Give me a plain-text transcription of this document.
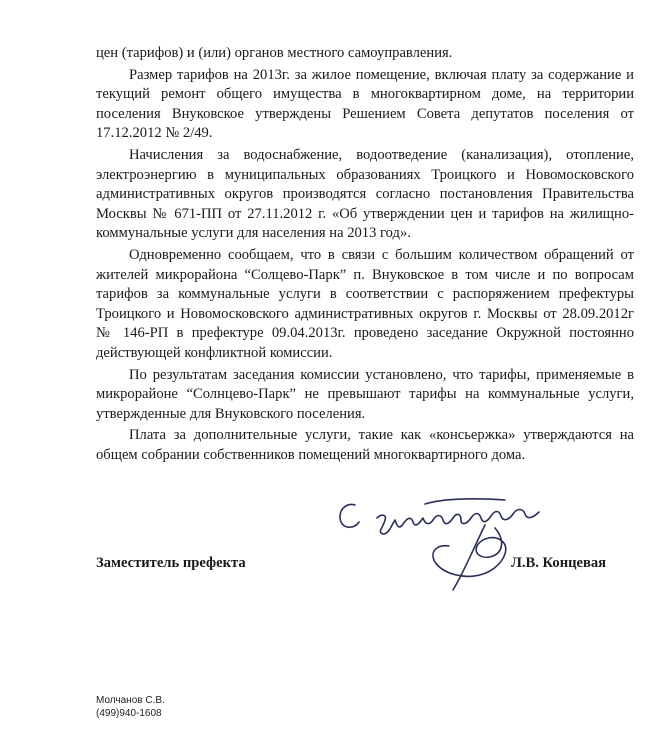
цен (тарифов) и (или) органов местного самоуправления.

Размер тарифов на 2013г. за жилое помещение, включая плату за содержание и текущий ремонт общего имущества в многоквартирном доме, на территории поселения Внуковское утверждены Решением Совета депутатов поселения от 17.12.2012 № 2/49.

Начисления за водоснабжение, водоотведение (канализация), отопление, электроэнергию в муниципальных образованиях Троицкого и Новомосковского административных округов производятся согласно постановления Правительства Москвы № 671-ПП от 27.11.2012 г. «Об утверждении цен и тарифов на жилищно-коммунальные услуги для населения на 2013 год».

Одновременно сообщаем, что в связи с большим количеством обращений от жителей микрорайона “Солцево-Парк” п. Внуковское в том числе и по вопросам тарифов за коммунальные услуги в соответствии с распоряжением префектуры Троицкого и Новомосковского административных округов г. Москвы от 28.09.2012г № 146-РП в префектуре 09.04.2013г. проведено заседание Окружной постоянно действующей конфликтной комиссии.

По результатам заседания комиссии установлено, что тарифы, применяемые в микрорайоне “Солнцево-Парк” не превышают тарифы на коммунальные услуги, утвержденные для Внуковского поселения.

Плата за дополнительные услуги, такие как «консьержка» утверждаются на общем собрании собственников помещений многоквартирного дома.

Заместитель префекта	Л.В. Концевая
Молчанов С.В.
(499)940-1608
